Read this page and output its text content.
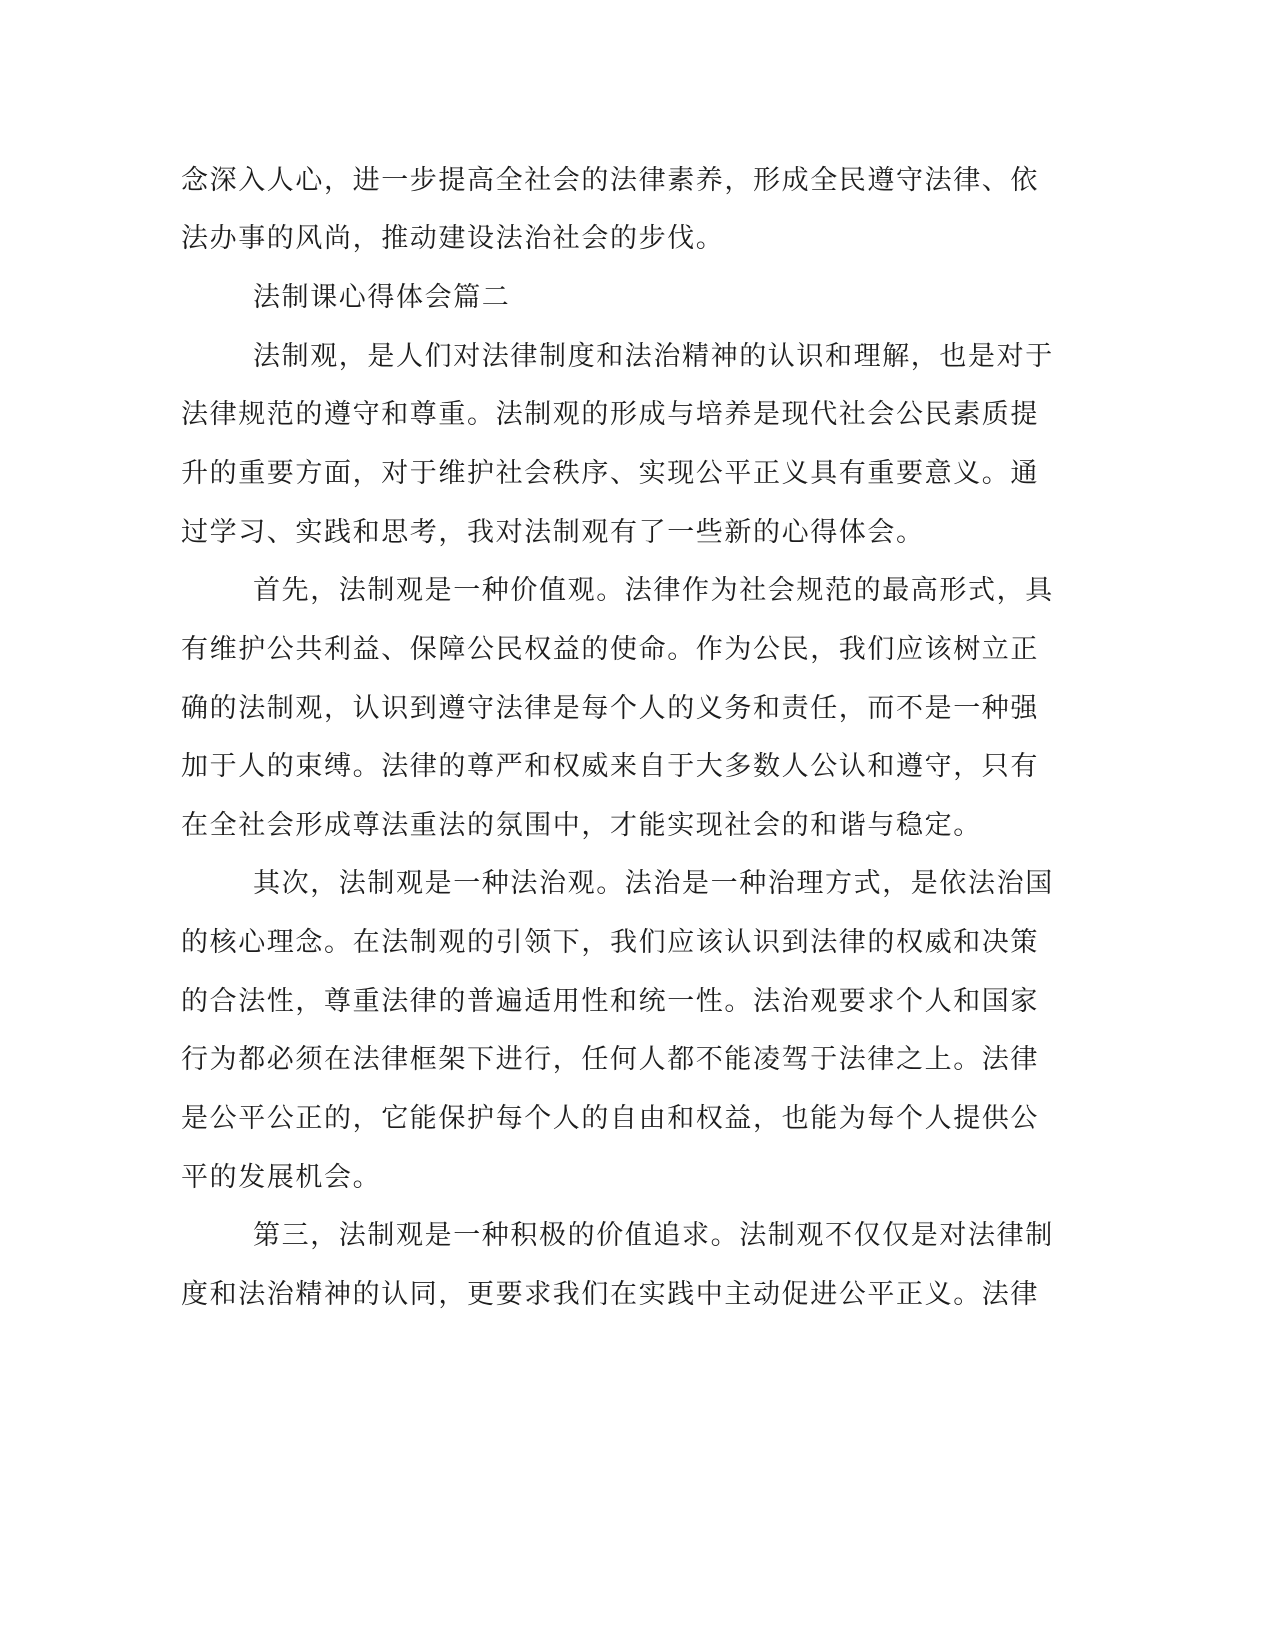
念深入人心，进一步提高全社会的法律素养，形成全民遵守法律、依
法办事的风尚，推动建设法治社会的步伐。
法制课心得体会篇二
法制观，是人们对法律制度和法治精神的认识和理解，也是对于
法律规范的遵守和尊重。法制观的形成与培养是现代社会公民素质提
升的重要方面，对于维护社会秩序、实现公平正义具有重要意义。通
过学习、实践和思考，我对法制观有了一些新的心得体会。
首先，法制观是一种价值观。法律作为社会规范的最高形式，具
有维护公共利益、保障公民权益的使命。作为公民，我们应该树立正
确的法制观，认识到遵守法律是每个人的义务和责任，而不是一种强
加于人的束缚。法律的尊严和权威来自于大多数人公认和遵守，只有
在全社会形成尊法重法的氛围中，才能实现社会的和谐与稳定。
其次，法制观是一种法治观。法治是一种治理方式，是依法治国
的核心理念。在法制观的引领下，我们应该认识到法律的权威和决策
的合法性，尊重法律的普遍适用性和统一性。法治观要求个人和国家
行为都必须在法律框架下进行，任何人都不能凌驾于法律之上。法律
是公平公正的，它能保护每个人的自由和权益，也能为每个人提供公
平的发展机会。
第三，法制观是一种积极的价值追求。法制观不仅仅是对法律制
度和法治精神的认同，更要求我们在实践中主动促进公平正义。法律
